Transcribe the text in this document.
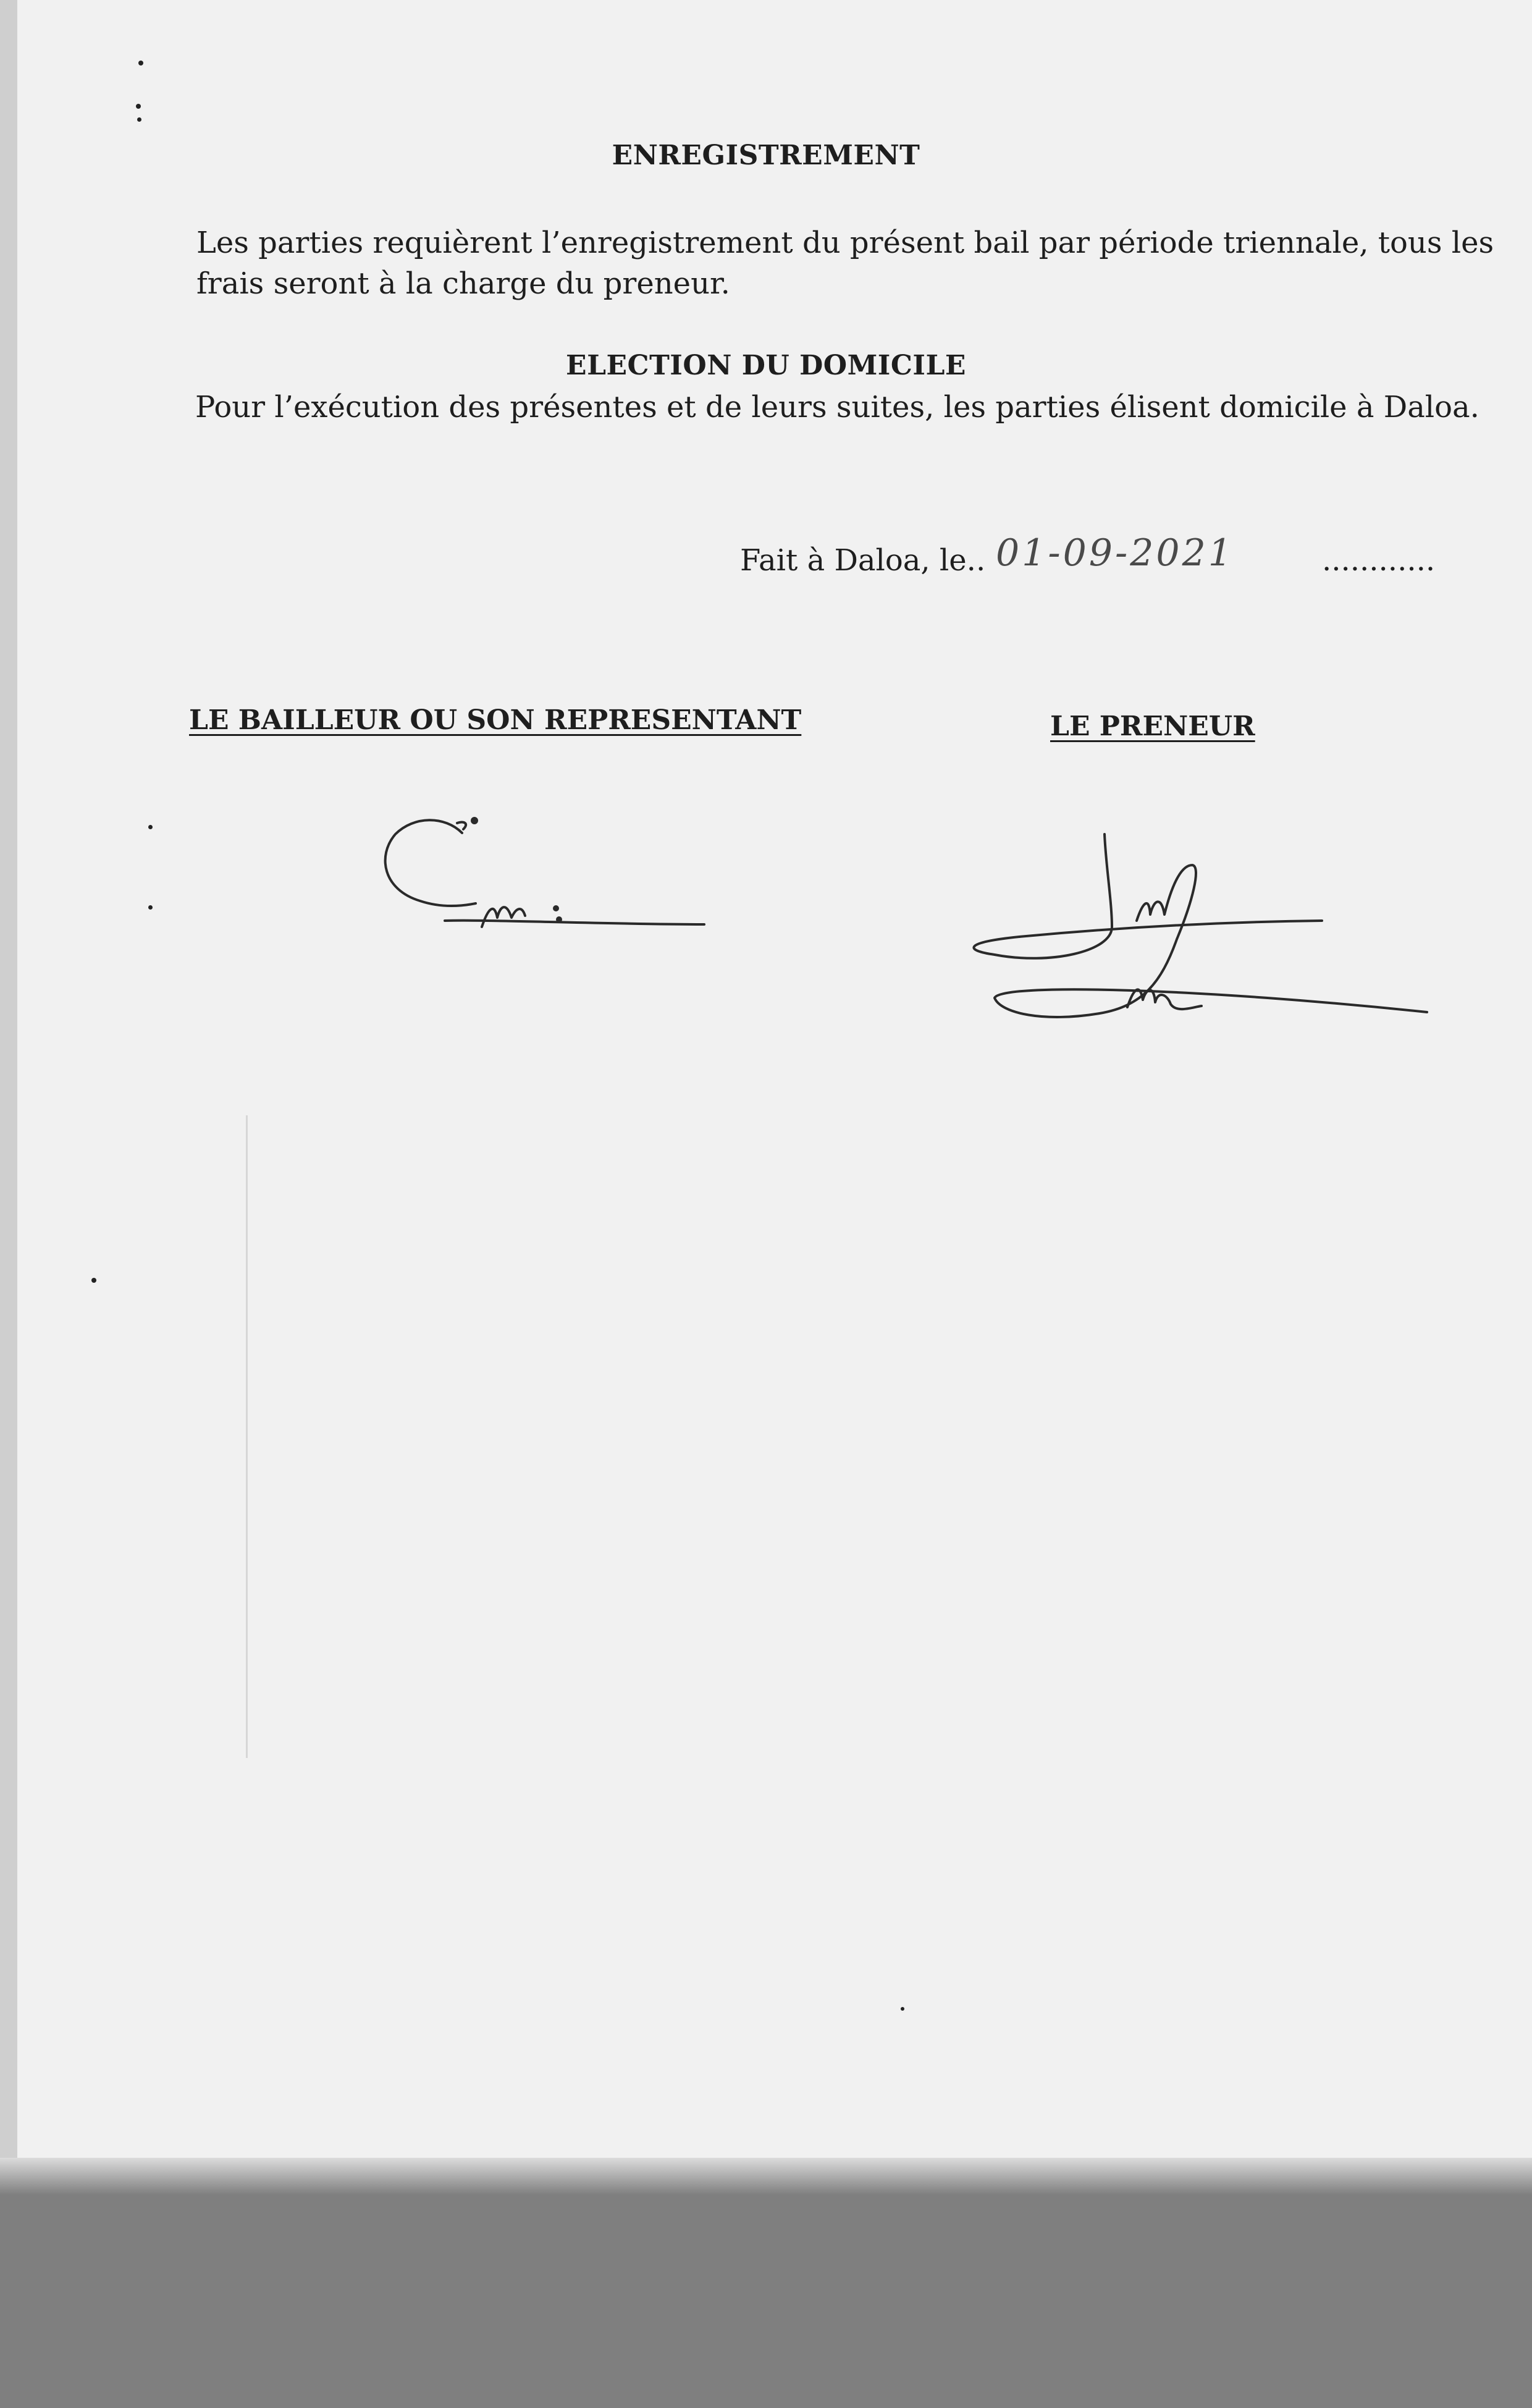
ENREGISTREMENT

Les parties requièrent l’enregistrement du présent bail par période triennale, tous les

frais seront à la charge du preneur.

ELECTION DU DOMICILE

Pour l’exécution des présentes et de leurs suites, les parties élisent domicile à Daloa.

Fait à Daloa, le.. 01-09-2021	............

LE BAILLEUR OU SON REPRESENTANT	LE PRENEUR
